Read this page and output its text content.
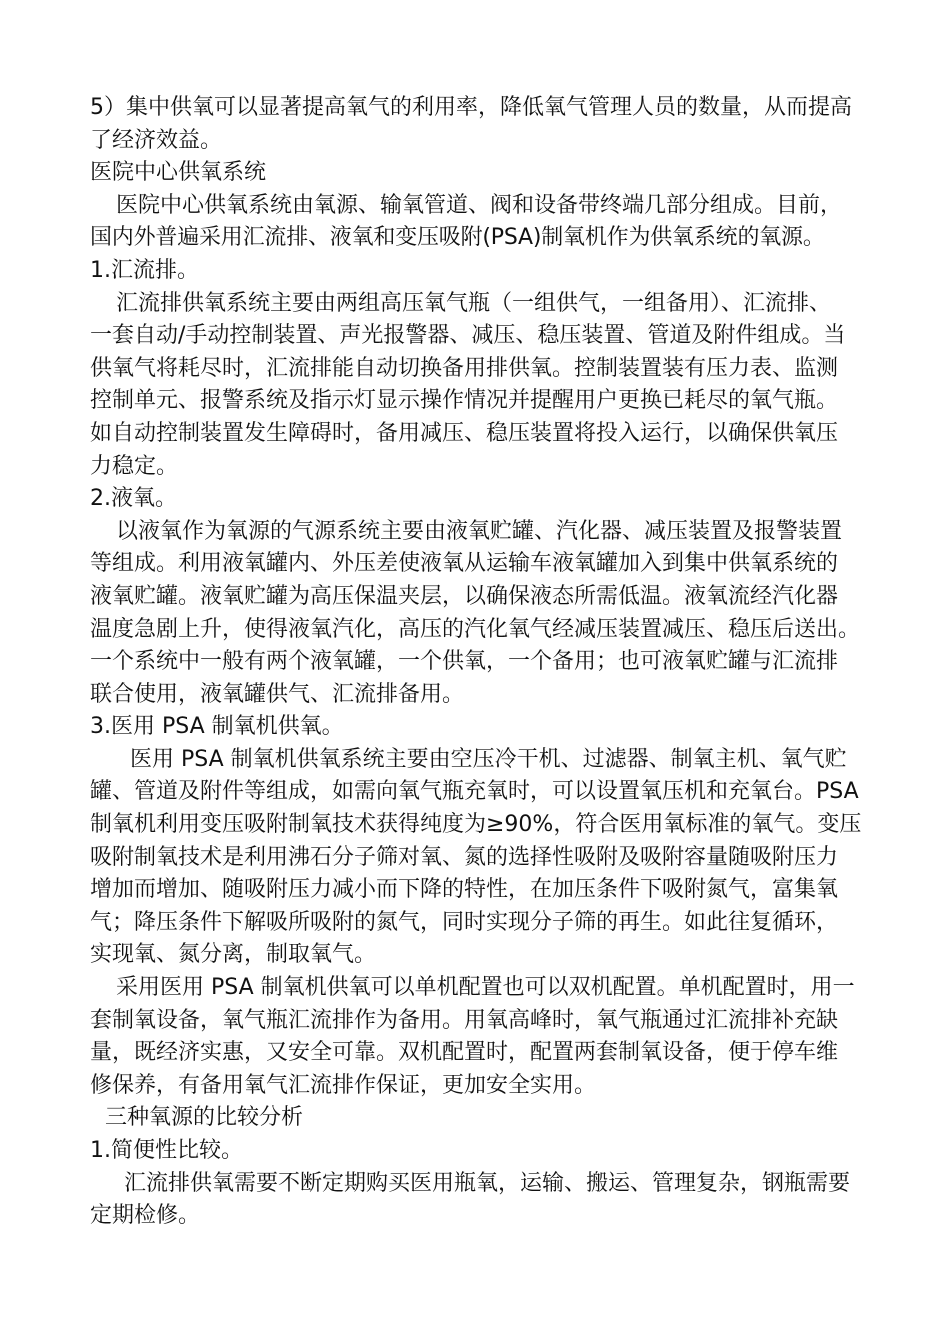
5）集中供氧可以显著提高氧气的利用率，降低氧气管理人员的数量，从而提高
了经济效益。
医院中心供氧系统
医院中心供氧系统由氧源、输氧管道、阀和设备带终端几部分组成。目前，
国内外普遍采用汇流排、液氧和变压吸附(PSA)制氧机作为供氧系统的氧源。
1.汇流排。
汇流排供氧系统主要由两组高压氧气瓶（一组供气，一组备用）、汇流排、
一套自动/手动控制装置、声光报警器、减压、稳压装置、管道及附件组成。当
供氧气将耗尽时，汇流排能自动切换备用排供氧。控制装置装有压力表、监测
控制单元、报警系统及指示灯显示操作情况并提醒用户更换已耗尽的氧气瓶。
如自动控制装置发生障碍时，备用减压、稳压装置将投入运行，以确保供氧压
力稳定。
2.液氧。
以液氧作为氧源的气源系统主要由液氧贮罐、汽化器、减压装置及报警装置
等组成。利用液氧罐内、外压差使液氧从运输车液氧罐加入到集中供氧系统的
液氧贮罐。液氧贮罐为高压保温夹层，以确保液态所需低温。液氧流经汽化器
温度急剧上升，使得液氧汽化，高压的汽化氧气经减压装置减压、稳压后送出。
一个系统中一般有两个液氧罐，一个供氧，一个备用；也可液氧贮罐与汇流排
联合使用，液氧罐供气、汇流排备用。
3.医用 PSA 制氧机供氧。
医用 PSA 制氧机供氧系统主要由空压冷干机、过滤器、制氧主机、氧气贮
罐、管道及附件等组成，如需向氧气瓶充氧时，可以设置氧压机和充氧台。PSA
制氧机利用变压吸附制氧技术获得纯度为≥90%，符合医用氧标准的氧气。变压
吸附制氧技术是利用沸石分子筛对氧、氮的选择性吸附及吸附容量随吸附压力
增加而增加、随吸附压力减小而下降的特性，在加压条件下吸附氮气，富集氧
气；降压条件下解吸所吸附的氮气，同时实现分子筛的再生。如此往复循环，
实现氧、氮分离，制取氧气。
采用医用 PSA 制氧机供氧可以单机配置也可以双机配置。单机配置时，用一
套制氧设备，氧气瓶汇流排作为备用。用氧高峰时，氧气瓶通过汇流排补充缺
量，既经济实惠，又安全可靠。双机配置时，配置两套制氧设备，便于停车维
修保养，有备用氧气汇流排作保证，更加安全实用。
三种氧源的比较分析
1.简便性比较。
汇流排供氧需要不断定期购买医用瓶氧，运输、搬运、管理复杂，钢瓶需要
定期检修。
